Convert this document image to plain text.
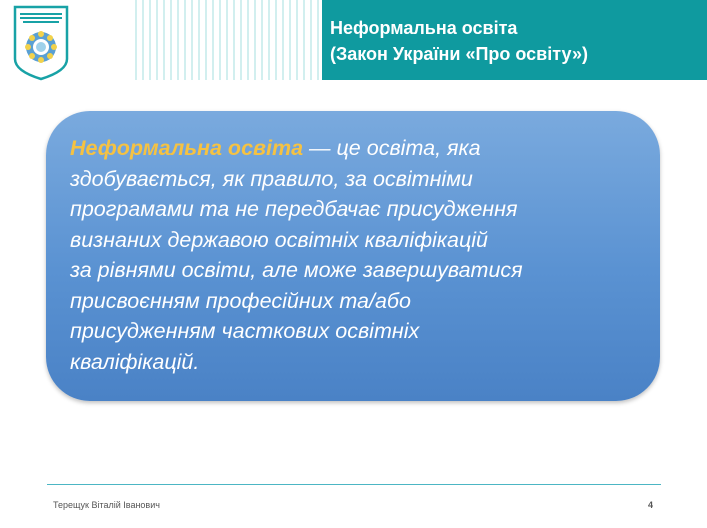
Неформальна освіта
(Закон України «Про освіту»)
Неформальна освіта — це освіта, яка
здобувається, як правило, за освітніми
програмами та не передбачає присудження
визнаних державою освітніх кваліфікацій
за рівнями освіти, але може завершуватися
присвоєнням професійних та/або
присудженням часткових освітніх
кваліфікацій.
Терещук Віталій Іванович	4
